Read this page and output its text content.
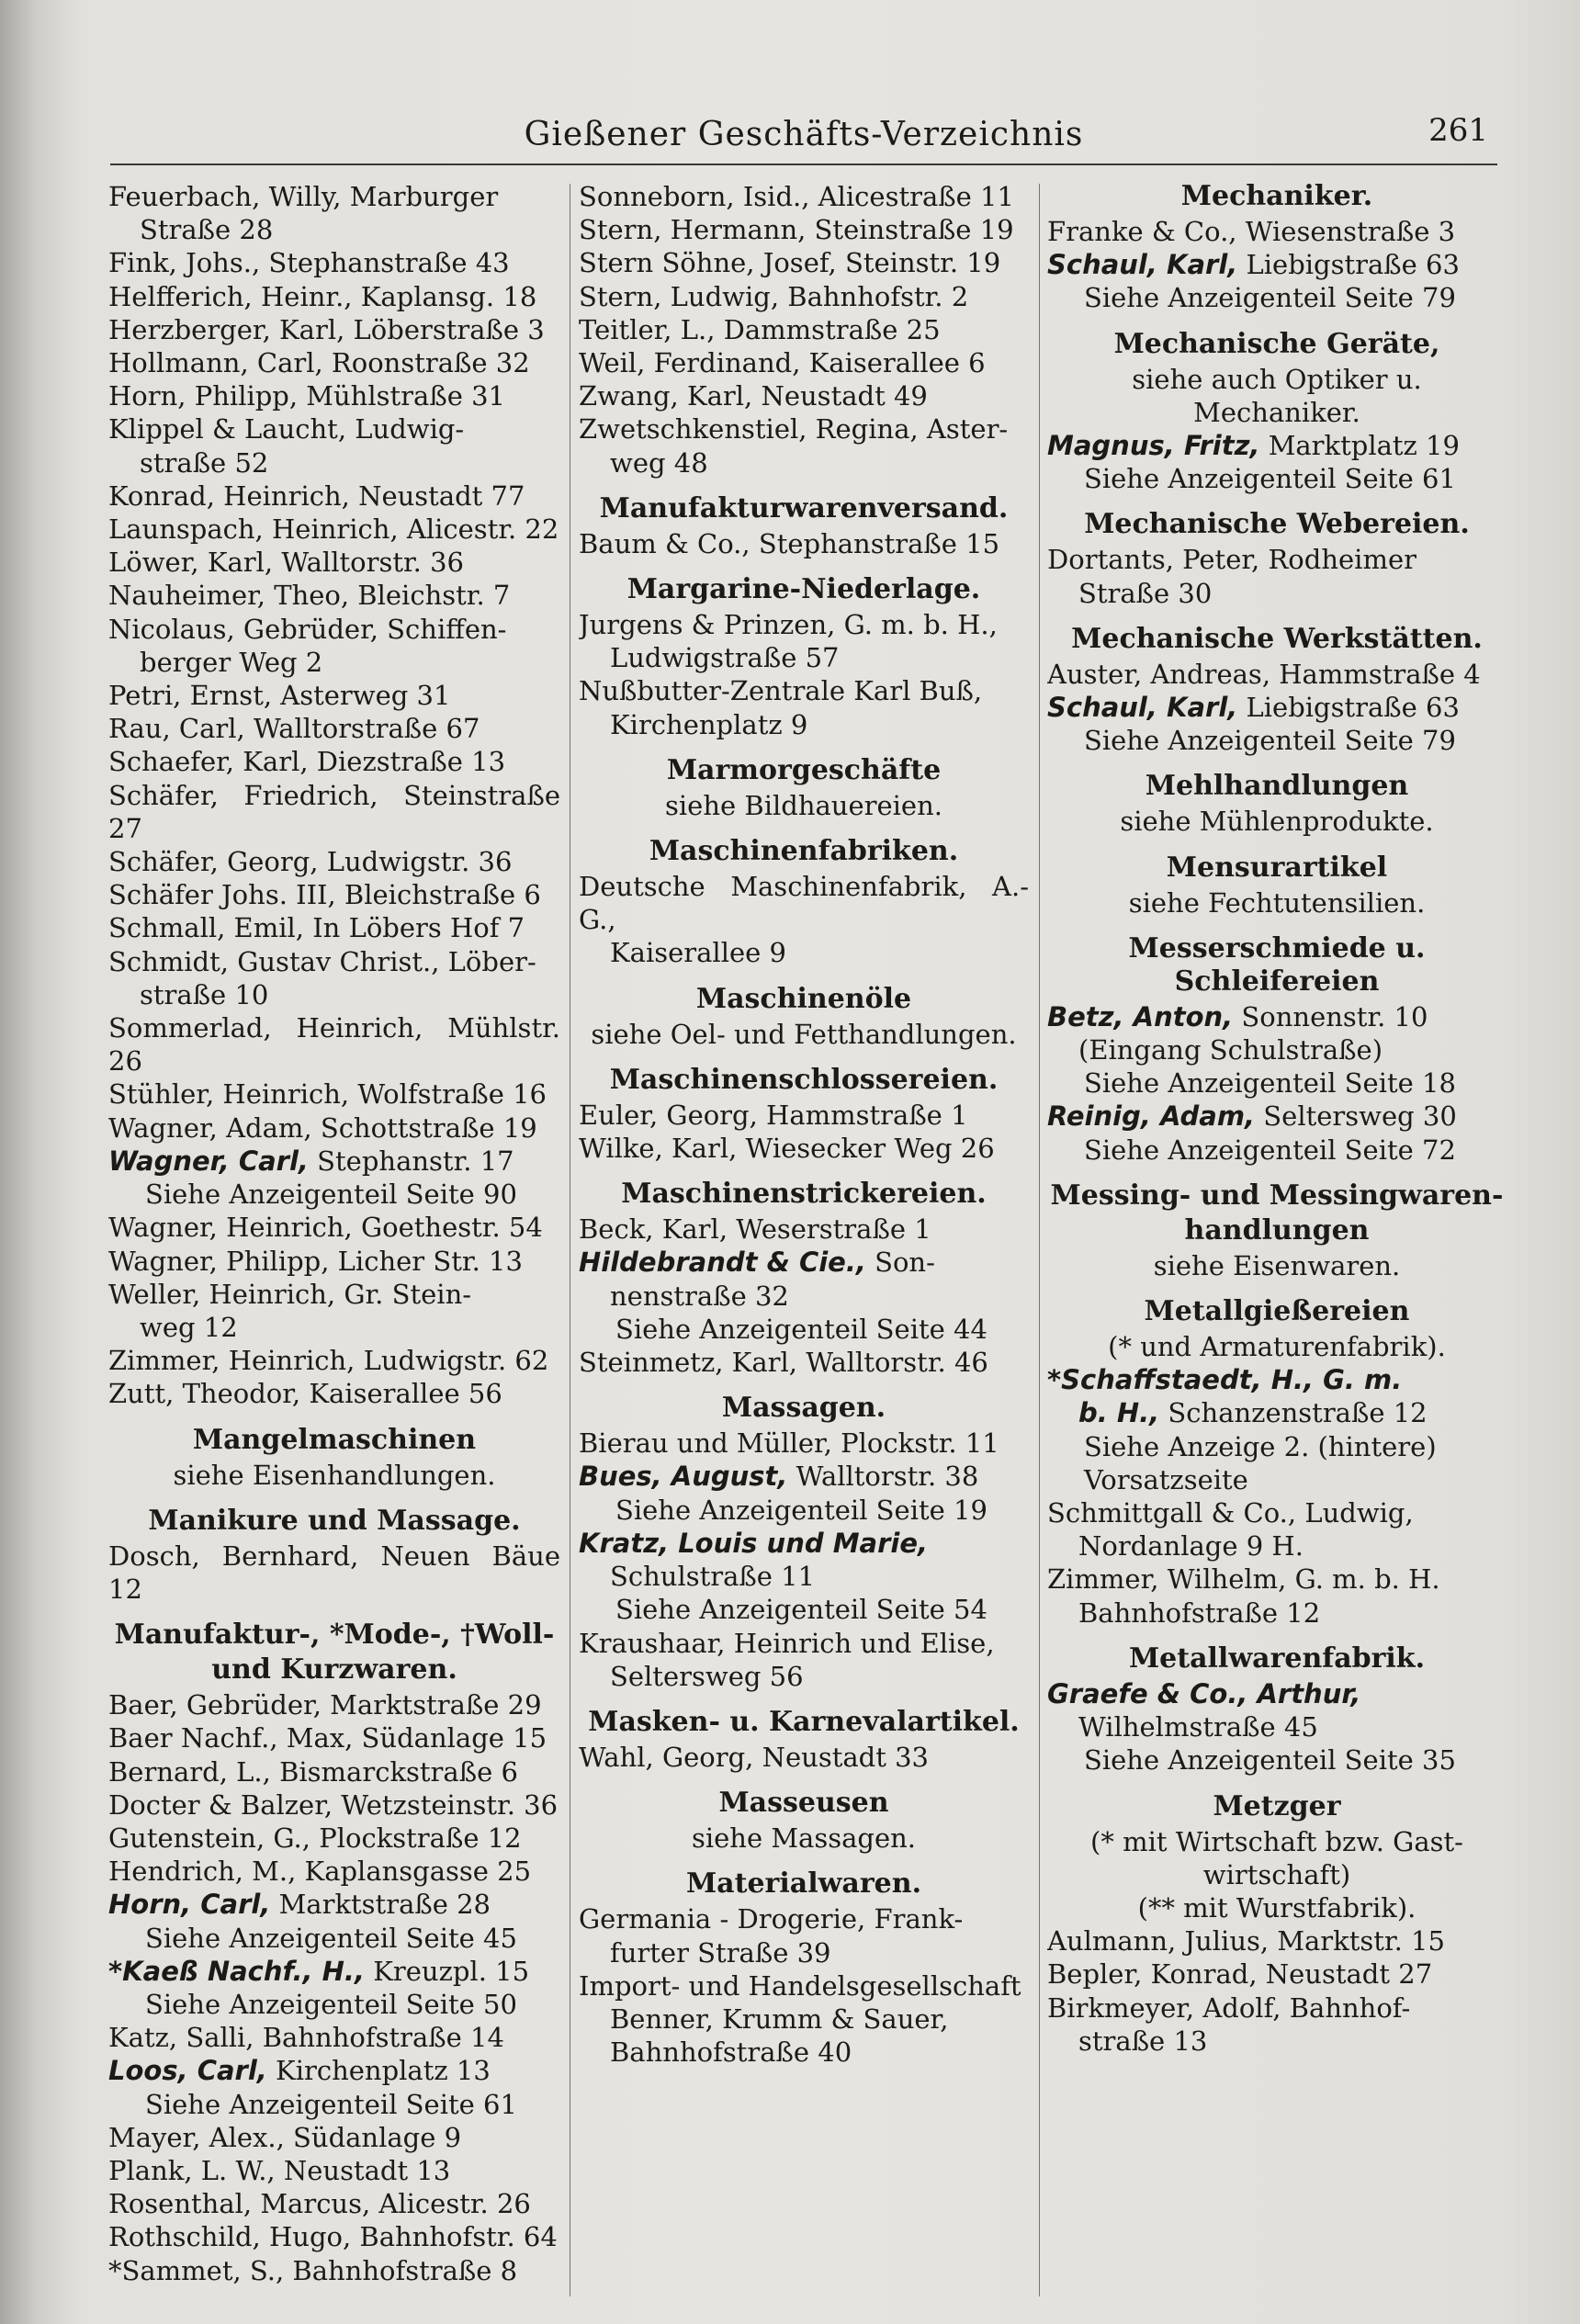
Gießener Geschäfts-Verzeichnis	261
Feuerbach, Willy, Marburger
Straße 28
Fink, Johs., Stephanstraße 43
Helfferich, Heinr., Kaplansg. 18
Herzberger, Karl, Löberstraße 3
Hollmann, Carl, Roonstraße 32
Horn, Philipp, Mühlstraße 31
Klippel & Laucht, Ludwig-
straße 52
Konrad, Heinrich, Neustadt 77
Launspach, Heinrich, Alicestr. 22
Löwer, Karl, Walltorstr. 36
Nauheimer, Theo, Bleichstr. 7
Nicolaus, Gebrüder, Schiffen-
berger Weg 2
Petri, Ernst, Asterweg 31
Rau, Carl, Walltorstraße 67
Schaefer, Karl, Diezstraße 13
Schäfer, Friedrich, Steinstraße 27
Schäfer, Georg, Ludwigstr. 36
Schäfer Johs. III, Bleichstraße 6
Schmall, Emil, In Löbers Hof 7
Schmidt, Gustav Christ., Löber-
straße 10
Sommerlad, Heinrich, Mühlstr. 26
Stühler, Heinrich, Wolfstraße 16
Wagner, Adam, Schottstraße 19
Wagner, Carl, Stephanstr. 17
Siehe Anzeigenteil Seite 90
Wagner, Heinrich, Goethestr. 54
Wagner, Philipp, Licher Str. 13
Weller, Heinrich, Gr. Stein-
weg 12
Zimmer, Heinrich, Ludwigstr. 62
Zutt, Theodor, Kaiserallee 56
Mangelmaschinen
siehe Eisenhandlungen.
Manikure und Massage.
Dosch, Bernhard, Neuen Bäue 12
Manufaktur-, *Mode-, †Woll-
und Kurzwaren.
Baer, Gebrüder, Marktstraße 29
Baer Nachf., Max, Südanlage 15
Bernard, L., Bismarckstraße 6
Docter & Balzer, Wetzsteinstr. 36
Gutenstein, G., Plockstraße 12
Hendrich, M., Kaplansgasse 25
Horn, Carl, Marktstraße 28
Siehe Anzeigenteil Seite 45
*Kaeß Nachf., H., Kreuzpl. 15
Siehe Anzeigenteil Seite 50
Katz, Salli, Bahnhofstraße 14
Loos, Carl, Kirchenplatz 13
Siehe Anzeigenteil Seite 61
Mayer, Alex., Südanlage 9
Plank, L. W., Neustadt 13
Rosenthal, Marcus, Alicestr. 26
Rothschild, Hugo, Bahnhofstr. 64
*Sammet, S., Bahnhofstraße 8
Sonneborn, Isid., Alicestraße 11
Stern, Hermann, Steinstraße 19
Stern Söhne, Josef, Steinstr. 19
Stern, Ludwig, Bahnhofstr. 2
Teitler, L., Dammstraße 25
Weil, Ferdinand, Kaiserallee 6
Zwang, Karl, Neustadt 49
Zwetschkenstiel, Regina, Aster-
weg 48
Manufakturwarenversand.
Baum & Co., Stephanstraße 15
Margarine-Niederlage.
Jurgens & Prinzen, G. m. b. H.,
Ludwigstraße 57
Nußbutter-Zentrale Karl Buß,
Kirchenplatz 9
Marmorgeschäfte
siehe Bildhauereien.
Maschinenfabriken.
Deutsche Maschinenfabrik, A.-G.,
Kaiserallee 9
Maschinenöle
siehe Oel- und Fetthandlungen.
Maschinenschlossereien.
Euler, Georg, Hammstraße 1
Wilke, Karl, Wiesecker Weg 26
Maschinenstrickereien.
Beck, Karl, Weserstraße 1
Hildebrandt & Cie., Son-
nenstraße 32
Siehe Anzeigenteil Seite 44
Steinmetz, Karl, Walltorstr. 46
Massagen.
Bierau und Müller, Plockstr. 11
Bues, August, Walltorstr. 38
Siehe Anzeigenteil Seite 19
Kratz, Louis und Marie,
Schulstraße 11
Siehe Anzeigenteil Seite 54
Kraushaar, Heinrich und Elise,
Seltersweg 56
Masken- u. Karnevalartikel.
Wahl, Georg, Neustadt 33
Masseusen
siehe Massagen.
Materialwaren.
Germania - Drogerie, Frank-
furter Straße 39
Import- und Handelsgesellschaft
Benner, Krumm & Sauer,
Bahnhofstraße 40
Mechaniker.
Franke & Co., Wiesenstraße 3
Schaul, Karl, Liebigstraße 63
Siehe Anzeigenteil Seite 79
Mechanische Geräte,
siehe auch Optiker u. Mechaniker.
Magnus, Fritz, Marktplatz 19
Siehe Anzeigenteil Seite 61
Mechanische Webereien.
Dortants, Peter, Rodheimer
Straße 30
Mechanische Werkstätten.
Auster, Andreas, Hammstraße 4
Schaul, Karl, Liebigstraße 63
Siehe Anzeigenteil Seite 79
Mehlhandlungen
siehe Mühlenprodukte.
Mensurartikel
siehe Fechtutensilien.
Messerschmiede u. Schleifereien
Betz, Anton, Sonnenstr. 10
(Eingang Schulstraße)
Siehe Anzeigenteil Seite 18
Reinig, Adam, Seltersweg 30
Siehe Anzeigenteil Seite 72
Messing- und Messingwaren-
handlungen
siehe Eisenwaren.
Metallgießereien
(* und Armaturenfabrik).
*Schaffstaedt, H., G. m.
b. H., Schanzenstraße 12
Siehe Anzeige 2. (hintere)
Vorsatzseite
Schmittgall & Co., Ludwig,
Nordanlage 9 H.
Zimmer, Wilhelm, G. m. b. H.
Bahnhofstraße 12
Metallwarenfabrik.
Graefe & Co., Arthur,
Wilhelmstraße 45
Siehe Anzeigenteil Seite 35
Metzger
(* mit Wirtschaft bzw. Gast-
wirtschaft)
(** mit Wurstfabrik).
Aulmann, Julius, Marktstr. 15
Bepler, Konrad, Neustadt 27
Birkmeyer, Adolf, Bahnhof-
straße 13
